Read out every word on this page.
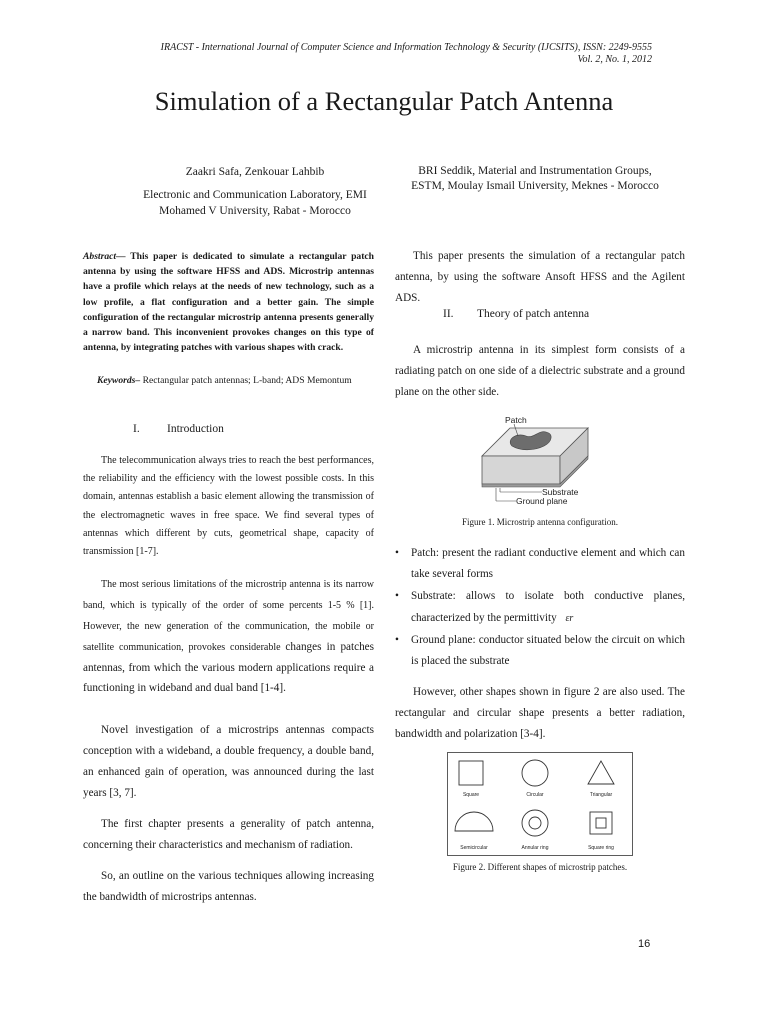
IRACST - International Journal of Computer Science and Information Technology & Security (IJCSITS), ISSN: 2249-9555
Vol. 2, No. 1, 2012
Simulation of a Rectangular Patch Antenna
Zaakri Safa, Zenkouar Lahbib
Electronic and Communication Laboratory, EMI Mohamed V University, Rabat - Morocco
BRI Seddik, Material and Instrumentation Groups, ESTM, Moulay Ismail University, Meknes - Morocco
Abstract— This paper is dedicated to simulate a rectangular patch antenna by using the software HFSS and ADS. Microstrip antennas have a profile which relays at the needs of new technology, such as a low profile, a flat configuration and a better gain. The simple configuration of the rectangular microstrip antenna presents generally a narrow band. This inconvenient provokes changes on this type of antenna, by integrating patches with various shapes with crack.
Keywords– Rectangular patch antennas; L-band; ADS Memontum
I. Introduction
The telecommunication always tries to reach the best performances, the reliability and the efficiency with the lowest possible costs. In this domain, antennas establish a basic element allowing the transmission of the electromagnetic waves in free space. We find several types of antennas which different by cuts, geometrical shape, capacity of transmission [1-7].
The most serious limitations of the microstrip antenna is its narrow band, which is typically of the order of some percents 1-5 % [1]. However, the new generation of the communication, the mobile or satellite communication, provokes considerable changes in patches antennas, from which the various modern applications require a functioning in wideband and dual band [1-4].
Novel investigation of a microstrips antennas compacts conception with a wideband, a double frequency, a double band, an enhanced gain of operation, was announced during the last years [3, 7].
The first chapter presents a generality of patch antenna, concerning their characteristics and mechanism of radiation.
So, an outline on the various techniques allowing increasing the bandwidth of microstrips antennas.
This paper presents the simulation of a rectangular patch antenna, by using the software Ansoft HFSS and the Agilent ADS.
II. Theory of patch antenna
A microstrip antenna in its simplest form consists of a radiating patch on one side of a dielectric substrate and a ground plane on the other side.
Patch
Substrate
Ground plane
Figure 1. Microstrip antenna configuration.
• Patch: present the radiant conductive element and which can take several forms
• Substrate: allows to isolate both conductive planes, characterized by the permittivity εr
• Ground plane: conductor situated below the circuit on which is placed the substrate
However, other shapes shown in figure 2 are also used. The rectangular and circular shape presents a better radiation, bandwidth and polarization [3-4].
Square	Circular	Triangular
Semicircular	Annular ring	Square ring
Figure 2. Different shapes of microstrip patches.
16
